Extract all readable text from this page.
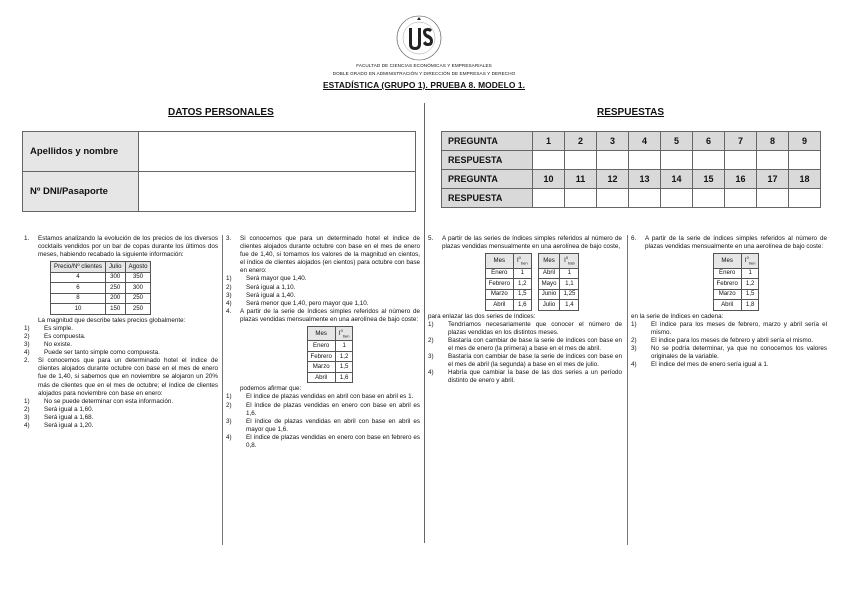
FACULTAD DE CIENCIAS ECONÓMICAS Y EMPRESARIALES
DOBLE GRADO EN ADMINISTRACIÓN Y DIRECCIÓN DE EMPRESAS Y DERECHO
ESTADÍSTICA (GRUPO 1). PRUEBA 8. MODELO 1.
DATOS PERSONALES	RESPUESTAS
Apellidos y nombre	
Nº DNI/Pasaporte	
PREGUNTA	1	2	3	4	5	6	7	8	9
RESPUESTA									
PREGUNTA	10	11	12	13	14	15	16	17	18
RESPUESTA									
1. Estamos analizando la evolución de los precios de los diversos cocktails vendidos por un bar de copas durante los últimos dos meses, habiendo recabado la siguiente información:

Precio/Nº clientes	Julio	Agosto
4	300	350
6	250	300
8	200	250
10	150	250

La magnitud que describe tales precios globalmente:

1) Es simple.
2) Es compuesta.
3) No existe.
4) Puede ser tanto simple como compuesta.
2. Si conocemos que para un determinado hotel el índice de clientes alojados durante octubre con base en el mes de enero fue de 1,40, si sabemos que en noviembre se alojaron un 20% más de clientes que en el mes de octubre; el índice de clientes alojados para noviembre con base en enero:

1) No se puede determinar con esta información.
2) Será igual a 1,60.
3) Será igual a 1,68.
4) Será igual a 1,20.
3. Si conocemos que para un determinado hotel el índice de clientes alojados durante octubre con base en el mes de enero fue de 1,40, si tomamos los valores de la magnitud en cientos, el índice de clientes alojados (en cientos) para octubre con base en enero:

1) Será mayor que 1,40.
2) Será igual a 1,10.
3) Será igual a 1,40.
4) Será menor que 1,40, pero mayor que 1,10.
4. A partir de la serie de índices simples referidos al número de plazas vendidas mensualmente en una aerolínea de bajo coste:

Mes	$I^0_{t/en}$
Enero	1
Febrero	1,2
Marzo	1,5
Abril	1,6

podemos afirmar que:

1) El índice de plazas vendidas en abril con base en abril es 1.
2) El índice de plazas vendidas en enero con base en abril es 1,6.
3) El índice de plazas vendidas en abril con base en abril es mayor que 1,6.
4) El índice de plazas vendidas en enero con base en febrero es 0,8.
5. A partir de las series de índices simples referidos al número de plazas vendidas mensualmente en una aerolínea de bajo coste,

Mes	$I^0_{t/en}$
Enero	1
Febrero	1,2
Marzo	1,5
Abril	1,6
Mes	$I^0_{t/ab}$
Abril	1
Mayo	1,1
Junio	1,25
Julio	1,4

para enlazar las dos series de índices:

1) Tendríamos necesariamente que conocer el número de plazas vendidas en los distintos meses.
2) Bastaría con cambiar de base la serie de índices con base en el mes de enero (la primera) a base en el mes de abril.
3) Bastaría con cambiar de base la serie de índices con base en el mes de abril (la segunda) a base en el mes de julio.
4) Habría que cambiar la base de las dos series a un período distinto de enero y abril.
6. A partir de la serie de índices simples referidos al número de plazas vendidas mensualmente en una aerolínea de bajo coste:

Mes	$I^0_{t/en}$
Enero	1
Febrero	1,2
Marzo	1,5
Abril	1,8

en la serie de índices en cadena:

1) El índice para los meses de febrero, marzo y abril sería el mismo.
2) El índice para los meses de febrero y abril sería el mismo.
3) No se podría determinar, ya que no conocemos los valores originales de la variable.
4) El índice del mes de enero sería igual a 1.
